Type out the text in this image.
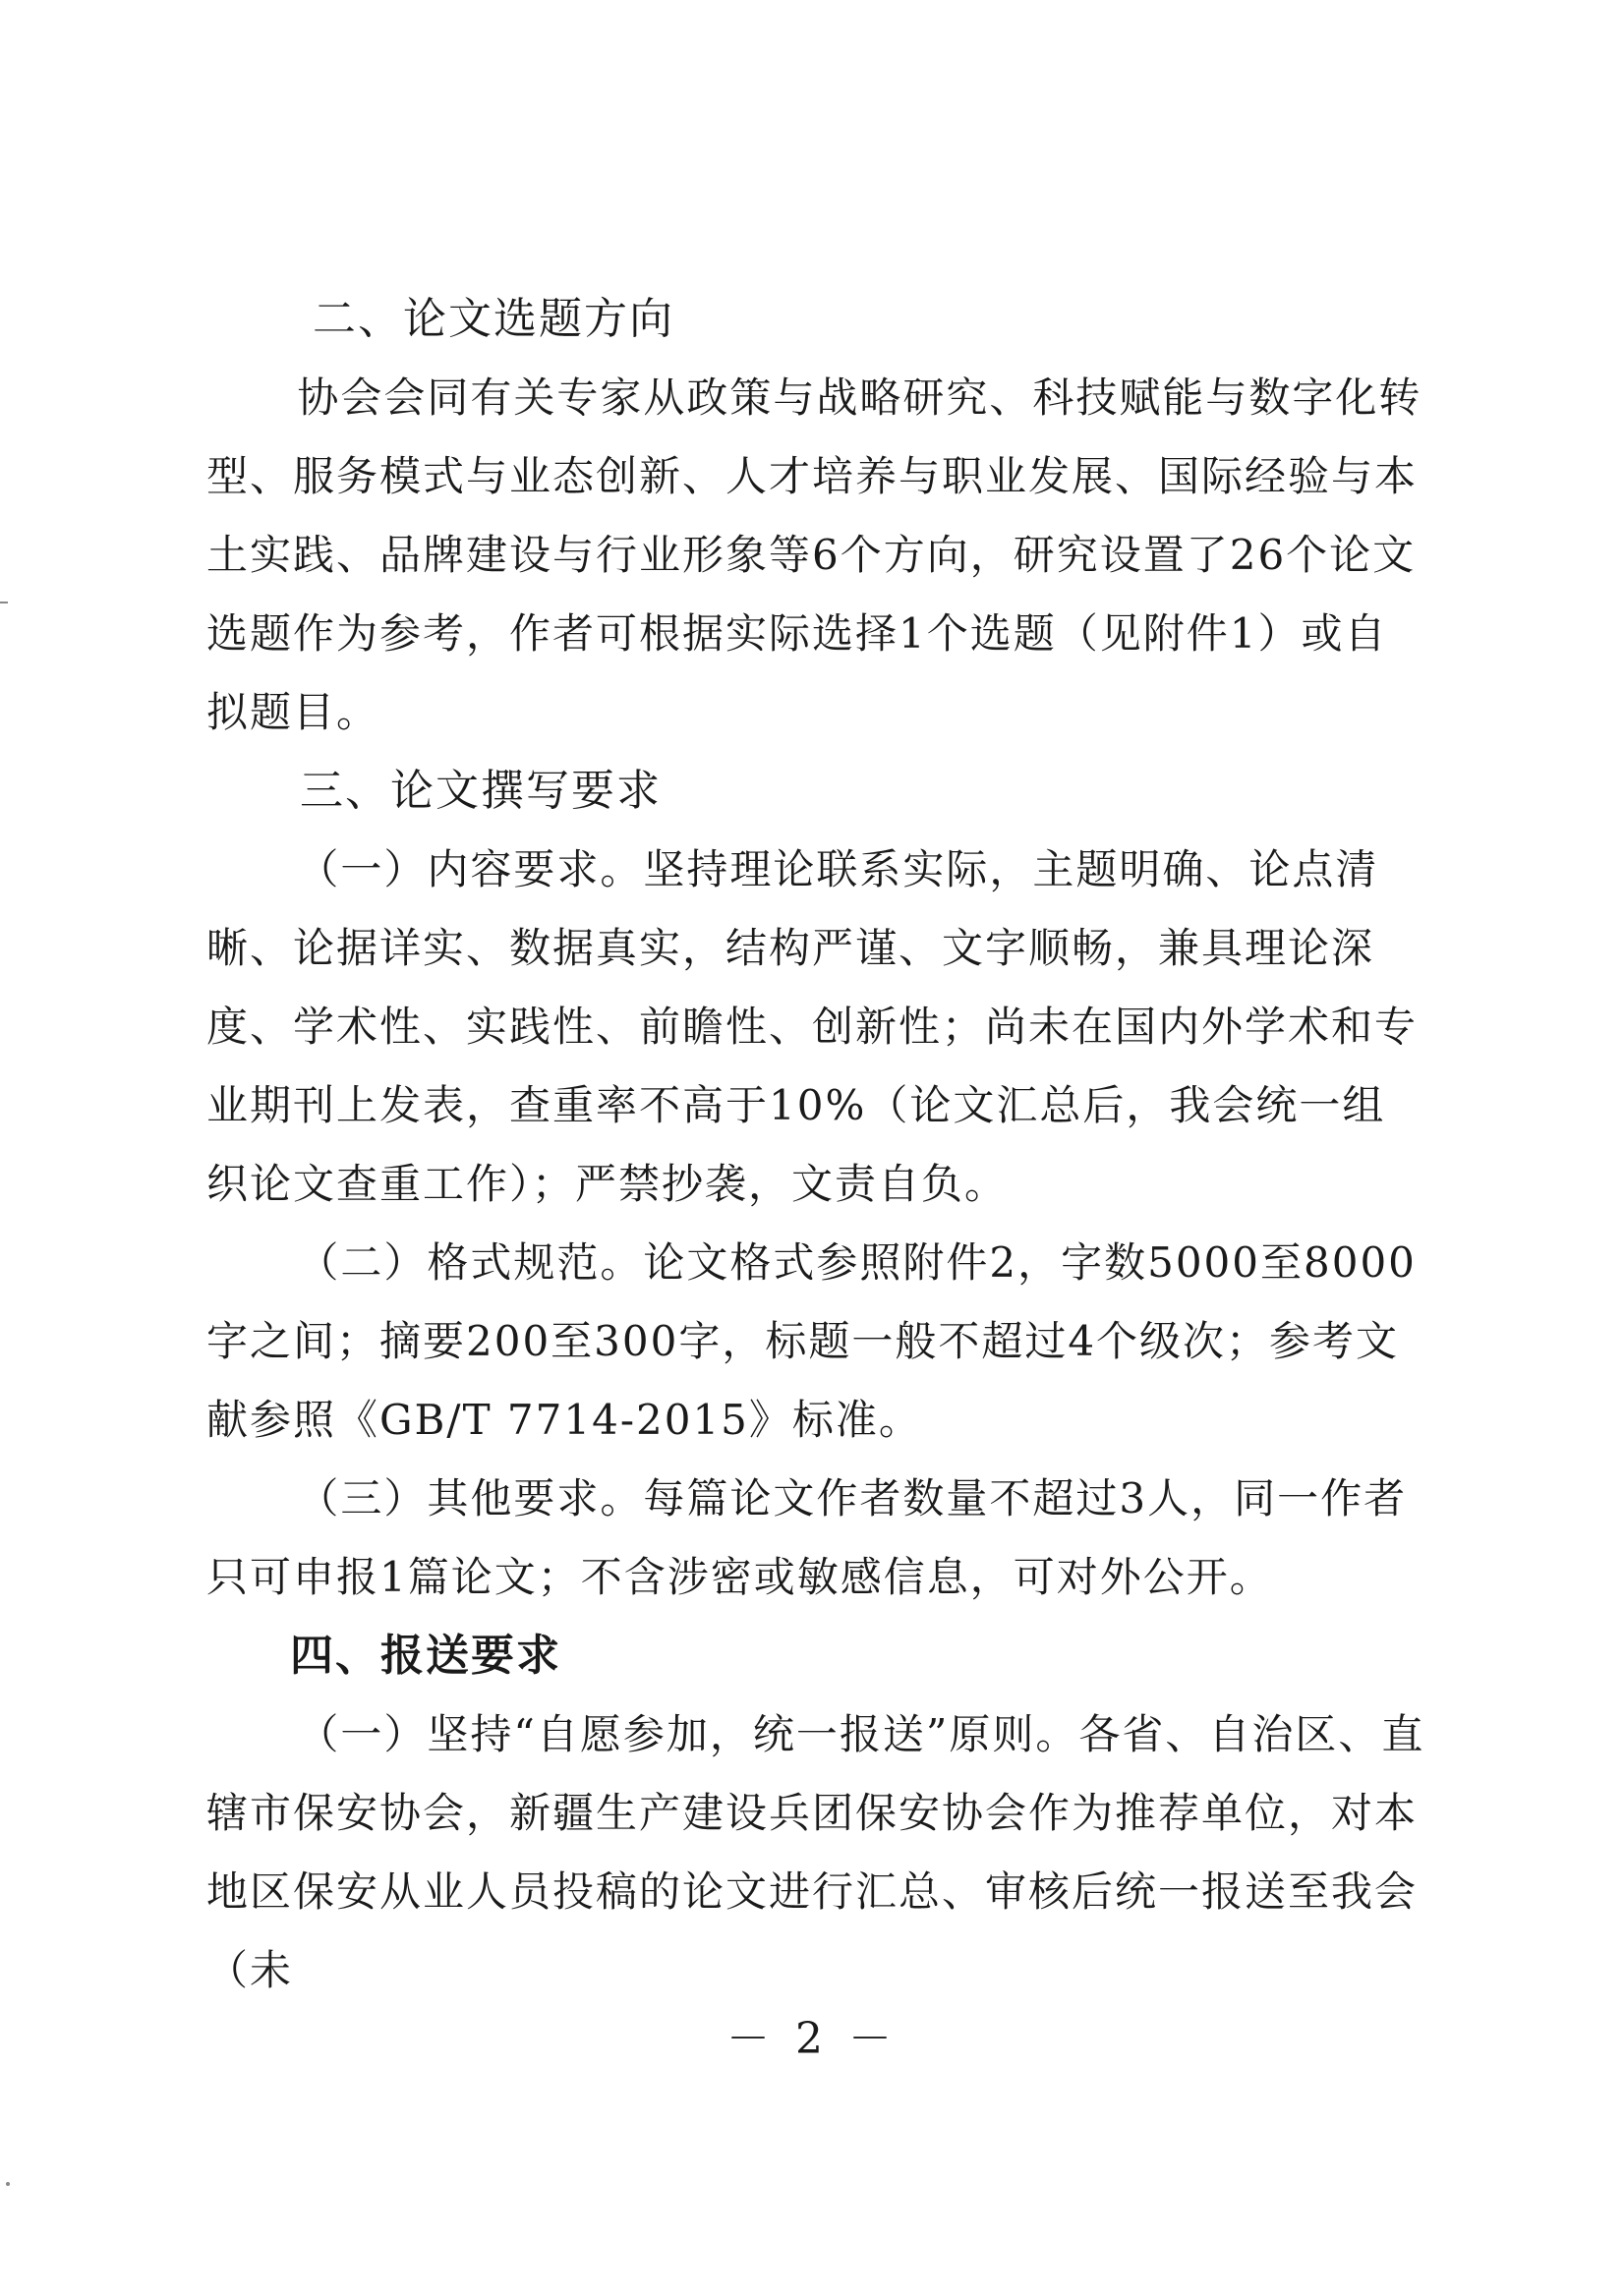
二、论文选题方向

协会会同有关专家从政策与战略研究、科技赋能与数字化转型、服务模式与业态创新、人才培养与职业发展、国际经验与本土实践、品牌建设与行业形象等6个方向，研究设置了26个论文选题作为参考，作者可根据实际选择1个选题（见附件1）或自拟题目。

三、论文撰写要求

（一）内容要求。坚持理论联系实际，主题明确、论点清晰、论据详实、数据真实，结构严谨、文字顺畅，兼具理论深度、学术性、实践性、前瞻性、创新性；尚未在国内外学术和专业期刊上发表，查重率不高于10%（论文汇总后，我会统一组织论文查重工作）；严禁抄袭，文责自负。

（二）格式规范。论文格式参照附件2，字数5000至8000字之间；摘要200至300字，标题一般不超过4个级次；参考文献参照《GB/T 7714-2015》标准。

（三）其他要求。每篇论文作者数量不超过3人，同一作者只可申报1篇论文；不含涉密或敏感信息，可对外公开。

四、报送要求

（一）坚持“自愿参加，统一报送”原则。各省、自治区、直辖市保安协会，新疆生产建设兵团保安协会作为推荐单位，对本地区保安从业人员投稿的论文进行汇总、审核后统一报送至我会（未

－ 2 －
